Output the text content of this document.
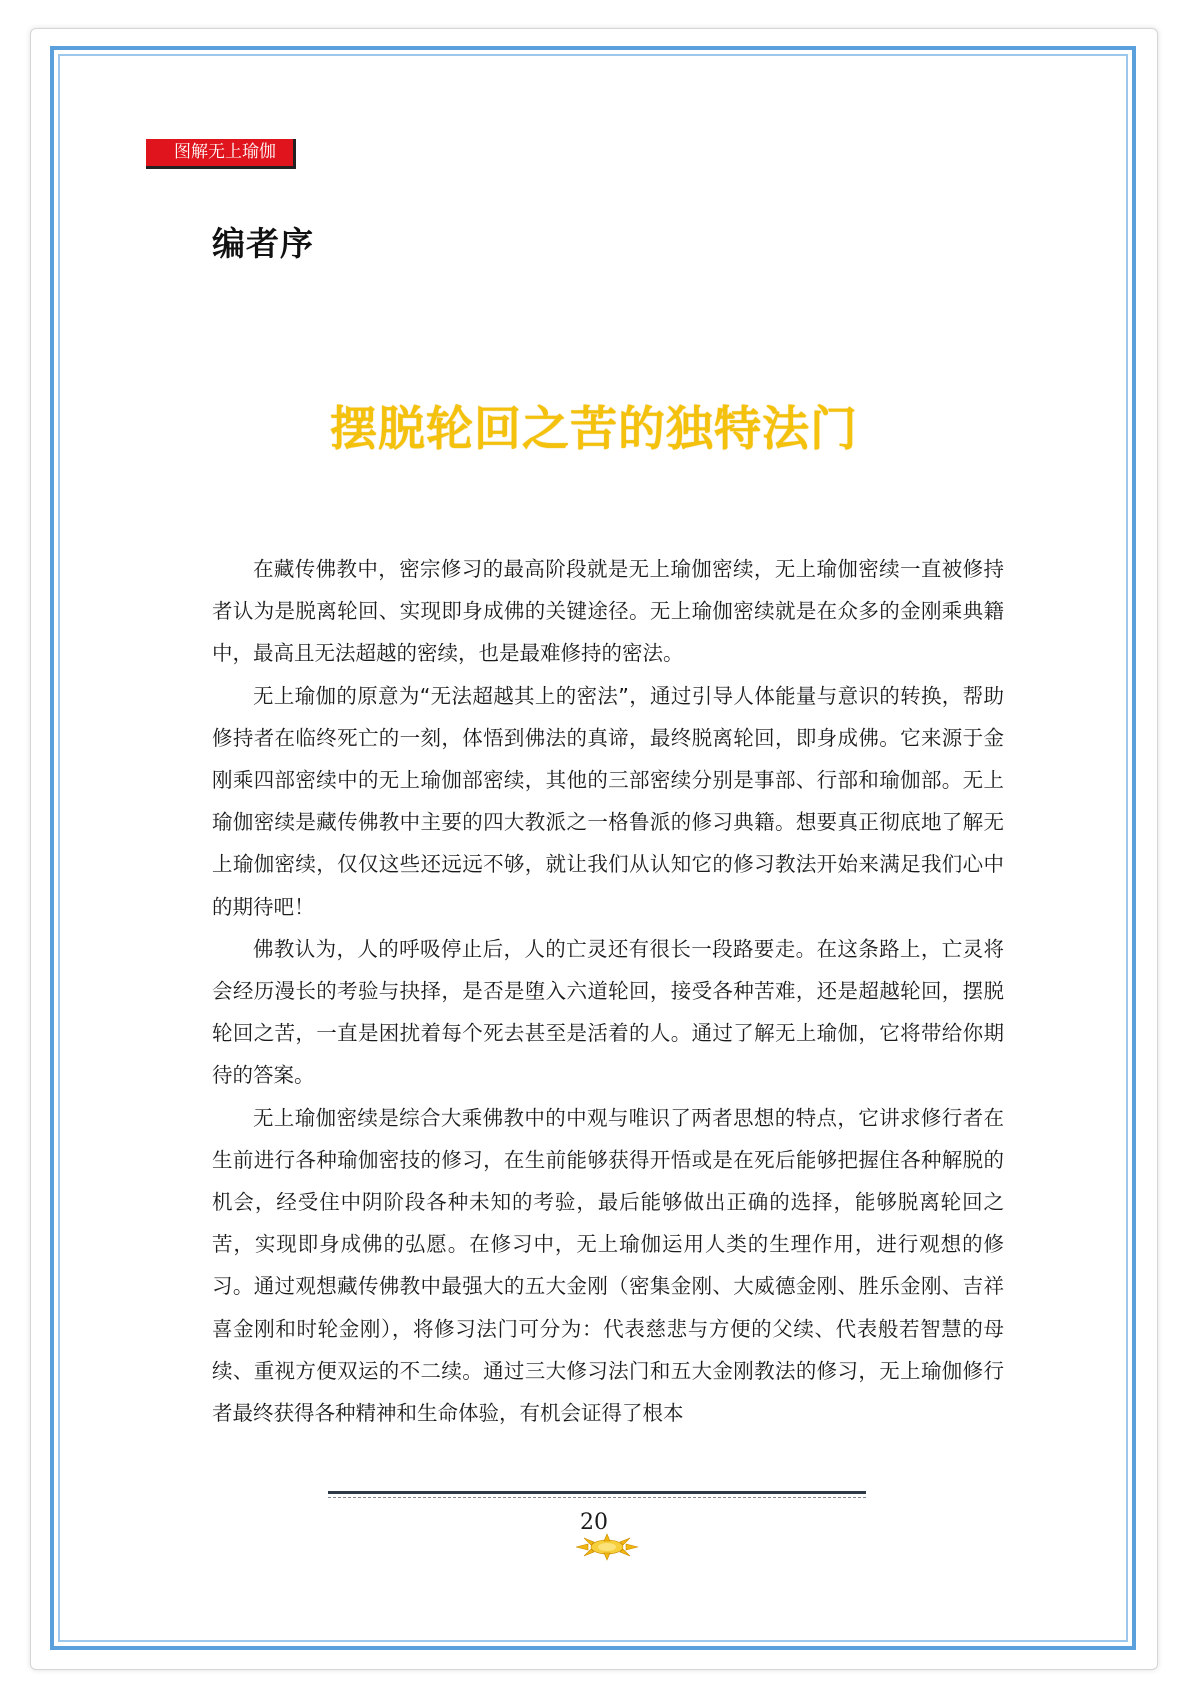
图解无上瑜伽
编者序
摆脱轮回之苦的独特法门

在藏传佛教中，密宗修习的最高阶段就是无上瑜伽密续，无上瑜伽密续一直被修持者认为是脱离轮回、实现即身成佛的关键途径。无上瑜伽密续就是在众多的金刚乘典籍中，最高且无法超越的密续，也是最难修持的密法。

无上瑜伽的原意为“无法超越其上的密法”，通过引导人体能量与意识的转换，帮助修持者在临终死亡的一刻，体悟到佛法的真谛，最终脱离轮回，即身成佛。它来源于金刚乘四部密续中的无上瑜伽部密续，其他的三部密续分别是事部、行部和瑜伽部。无上瑜伽密续是藏传佛教中主要的四大教派之一格鲁派的修习典籍。想要真正彻底地了解无上瑜伽密续，仅仅这些还远远不够，就让我们从认知它的修习教法开始来满足我们心中的期待吧！

佛教认为，人的呼吸停止后，人的亡灵还有很长一段路要走。在这条路上，亡灵将会经历漫长的考验与抉择，是否是堕入六道轮回，接受各种苦难，还是超越轮回，摆脱轮回之苦，一直是困扰着每个死去甚至是活着的人。通过了解无上瑜伽，它将带给你期待的答案。

无上瑜伽密续是综合大乘佛教中的中观与唯识了两者思想的特点，它讲求修行者在生前进行各种瑜伽密技的修习，在生前能够获得开悟或是在死后能够把握住各种解脱的机会，经受住中阴阶段各种未知的考验，最后能够做出正确的选择，能够脱离轮回之苦，实现即身成佛的弘愿。在修习中，无上瑜伽运用人类的生理作用，进行观想的修习。通过观想藏传佛教中最强大的五大金刚（密集金刚、大威德金刚、胜乐金刚、吉祥喜金刚和时轮金刚），将修习法门可分为：代表慈悲与方便的父续、代表般若智慧的母续、重视方便双运的不二续。通过三大修习法门和五大金刚教法的修习，无上瑜伽修行者最终获得各种精神和生命体验，有机会证得了根本

20
